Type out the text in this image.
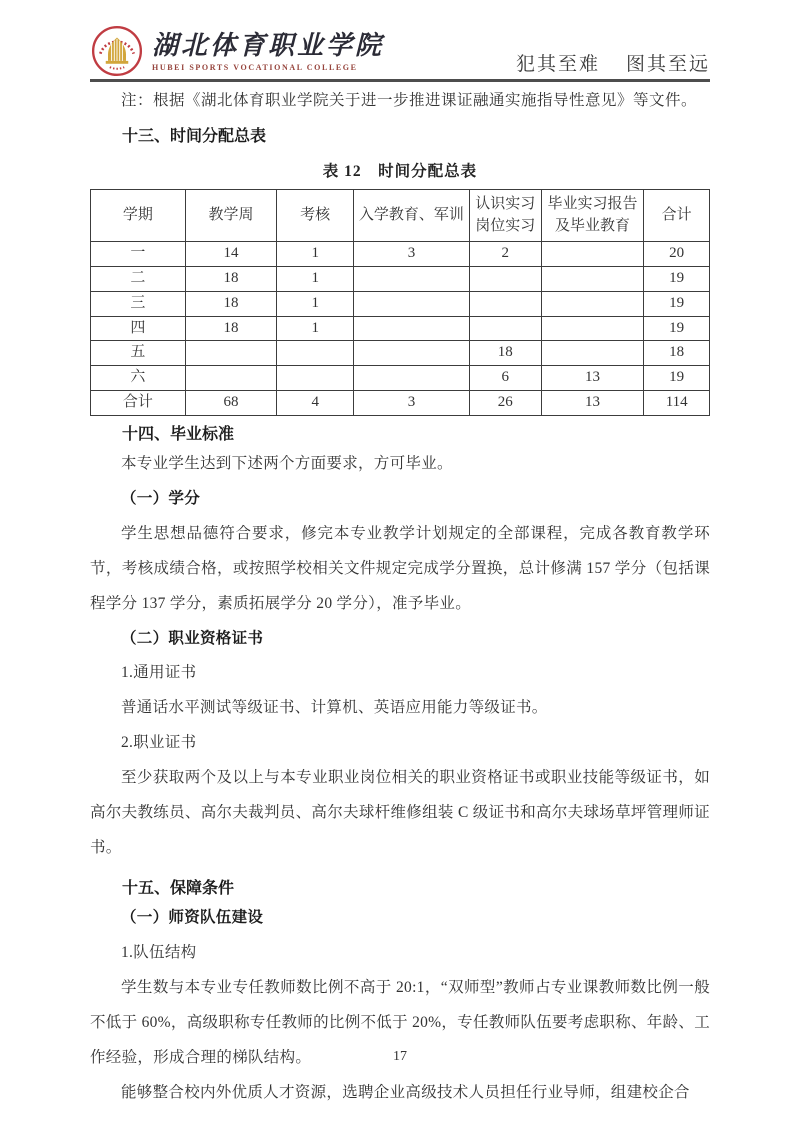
湖北体育职业学院
HUBEI SPORTS VOCATIONAL COLLEGE	犯其至难 图其至远

注：根据《湖北体育职业学院关于进一步推进课证融通实施指导性意见》等文件。

十三、时间分配总表
表 12　时间分配总表
学期	教学周	考核	入学教育、军训	认识实习岗位实习	毕业实习报告及毕业教育	合计
一	14	1	3	2		20
二	18	1				19
三	18	1				19
四	18	1				19
五				18		18
六				6	13	19
合计	68	4	3	26	13	114
十四、毕业标准

本专业学生达到下述两个方面要求，方可毕业。

（一）学分

学生思想品德符合要求，修完本专业教学计划规定的全部课程，完成各教育教学环节，考核成绩合格，或按照学校相关文件规定完成学分置换，总计修满 157 学分（包括课程学分 137 学分，素质拓展学分 20 学分），准予毕业。

（二）职业资格证书

1.通用证书

普通话水平测试等级证书、计算机、英语应用能力等级证书。

2.职业证书

至少获取两个及以上与本专业职业岗位相关的职业资格证书或职业技能等级证书，如高尔夫教练员、高尔夫裁判员、高尔夫球杆维修组装 C 级证书和高尔夫球场草坪管理师证书。

十五、保障条件

（一）师资队伍建设

1.队伍结构

学生数与本专业专任教师数比例不高于 20:1，“双师型”教师占专业课教师数比例一般不低于 60%，高级职称专任教师的比例不低于 20%，专任教师队伍要考虑职称、年龄、工作经验，形成合理的梯队结构。

能够整合校内外优质人才资源，选聘企业高级技术人员担任行业导师，组建校企合

17
